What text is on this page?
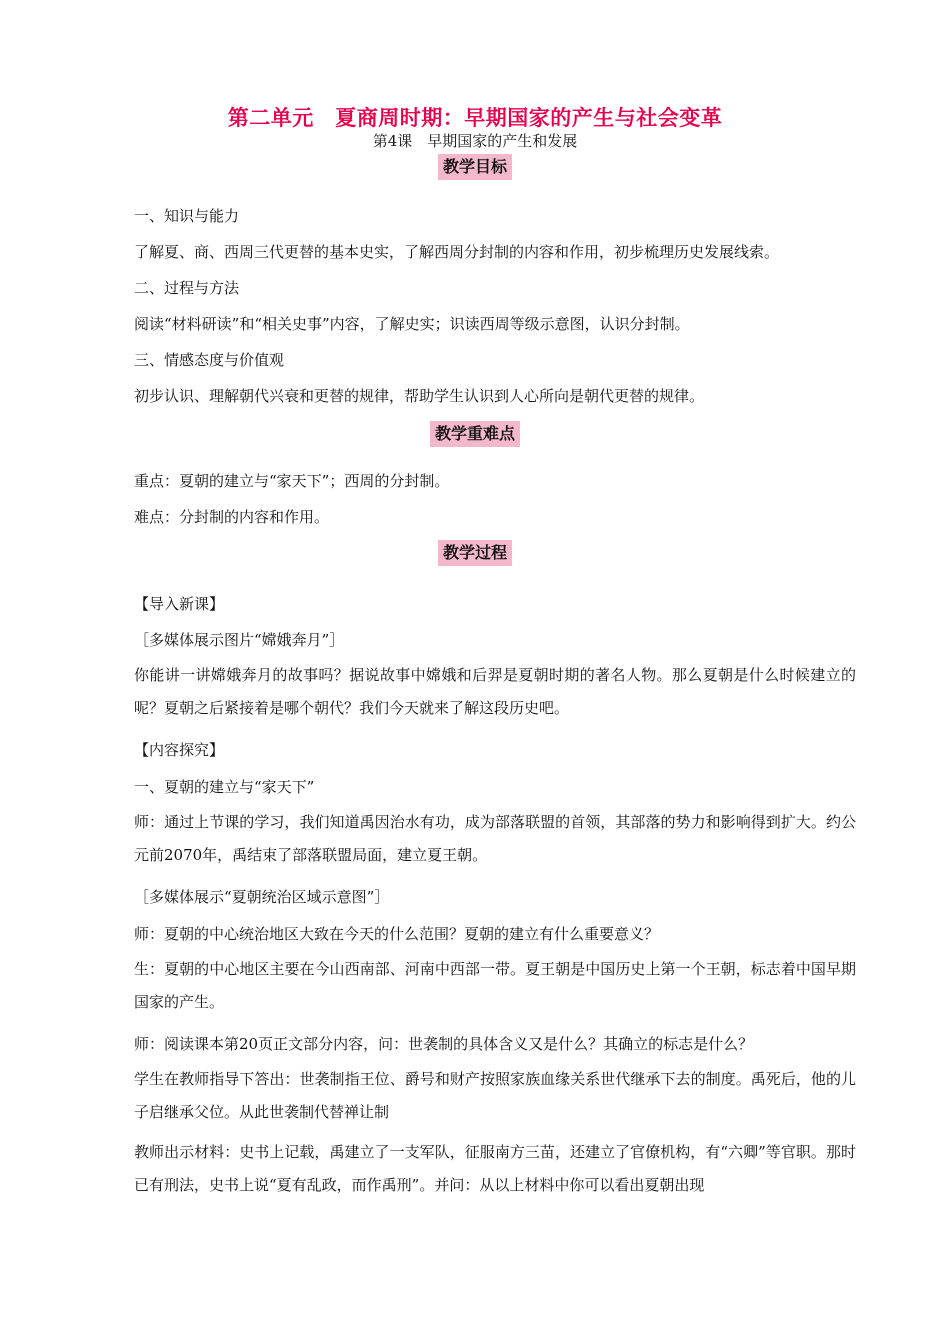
第二单元　夏商周时期：早期国家的产生与社会变革
第4课　早期国家的产生和发展
教学目标
一、知识与能力
了解夏、商、西周三代更替的基本史实，了解西周分封制的内容和作用，初步梳理历史发展线索。
二、过程与方法
阅读“材料研读”和“相关史事”内容，了解史实；识读西周等级示意图，认识分封制。
三、情感态度与价值观
初步认识、理解朝代兴衰和更替的规律，帮助学生认识到人心所向是朝代更替的规律。
教学重难点
重点：夏朝的建立与“家天下”；西周的分封制。
难点：分封制的内容和作用。
教学过程
【导入新课】
［多媒体展示图片“嫦娥奔月”］
你能讲一讲嫦娥奔月的故事吗？据说故事中嫦娥和后羿是夏朝时期的著名人物。那么夏朝是什么时候建立的呢？夏朝之后紧接着是哪个朝代？我们今天就来了解这段历史吧。
【内容探究】
一、夏朝的建立与“家天下”
师：通过上节课的学习，我们知道禹因治水有功，成为部落联盟的首领，其部落的势力和影响得到扩大。约公元前2070年，禹结束了部落联盟局面，建立夏王朝。
［多媒体展示“夏朝统治区域示意图”］
师：夏朝的中心统治地区大致在今天的什么范围？夏朝的建立有什么重要意义？
生：夏朝的中心地区主要在今山西南部、河南中西部一带。夏王朝是中国历史上第一个王朝，标志着中国早期国家的产生。
师：阅读课本第20页正文部分内容，问：世袭制的具体含义又是什么？其确立的标志是什么？
学生在教师指导下答出：世袭制指王位、爵号和财产按照家族血缘关系世代继承下去的制度。禹死后，他的儿子启继承父位。从此世袭制代替禅让制
教师出示材料：史书上记载，禹建立了一支军队，征服南方三苗，还建立了官僚机构，有“六卿”等官职。那时已有刑法，史书上说“夏有乱政，而作禹刑”。并问：从以上材料中你可以看出夏朝出现
